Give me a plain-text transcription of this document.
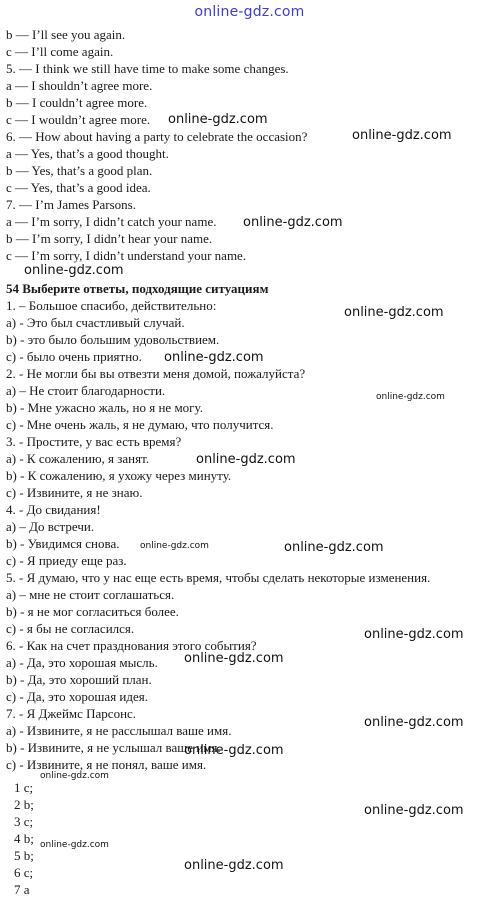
online-gdz.com
b — I’ll see you again.
c — I’ll come again.
5. — I think we still have time to make some changes.
a — I shouldn’t agree more.
b — I couldn’t agree more.
c — I wouldn’t agree more.
6. — How about having a party to celebrate the occasion?
a — Yes, that’s a good thought.
b — Yes, that’s a good plan.
c — Yes, that’s a good idea.
7. — I’m James Parsons.
a — I’m sorry, I didn’t catch your name.
b — I’m sorry, I didn’t hear your name.
c — I’m sorry, I didn’t understand your name.
54 Выберите ответы, подходящие ситуациям
1. – Большое спасибо, действительно:
a) - Это был счастливый случай.
b) - это было большим удовольствием.
c) - было очень приятно.
2. - Не могли бы вы отвезти меня домой, пожалуйста?
a) – Не стоит благодарности.
b) - Мне ужасно жаль, но я не могу.
c) - Мне очень жаль, я не думаю, что получится.
3. - Простите, у вас есть время?
a) - К сожалению, я занят.
b) - К сожалению, я ухожу через минуту.
c) - Извините, я не знаю.
4. - До свидания!
a) – До встречи.
b) - Увидимся снова.
c) - Я приеду еще раз.
5. - Я думаю, что у нас еще есть время, чтобы сделать некоторые изменения.
a) – мне не стоит соглашаться.
b) - я не мог согласиться более.
c) - я бы не согласился.
6. - Как на счет празднования этого события?
a) - Да, это хорошая мысль.
b) - Да, это хороший план.
c) - Да, это хорошая идея.
7. - Я Джеймс Парсонс.
a) - Извините, я не расслышал ваше имя.
b) - Извините, я не услышал ваше имя.
c) - Извините, я не понял, ваше имя.
1 c;
2 b;
3 c;
4 b;
5 b;
6 c;
7 a
online-gdz.com
online-gdz.com
online-gdz.com
online-gdz.com
online-gdz.com
online-gdz.com
online-gdz.com
online-gdz.com
online-gdz.com	online-gdz.com
online-gdz.com
online-gdz.com
online-gdz.com
online-gdz.com
online-gdz.com
online-gdz.com
online-gdz.com
online-gdz.com
